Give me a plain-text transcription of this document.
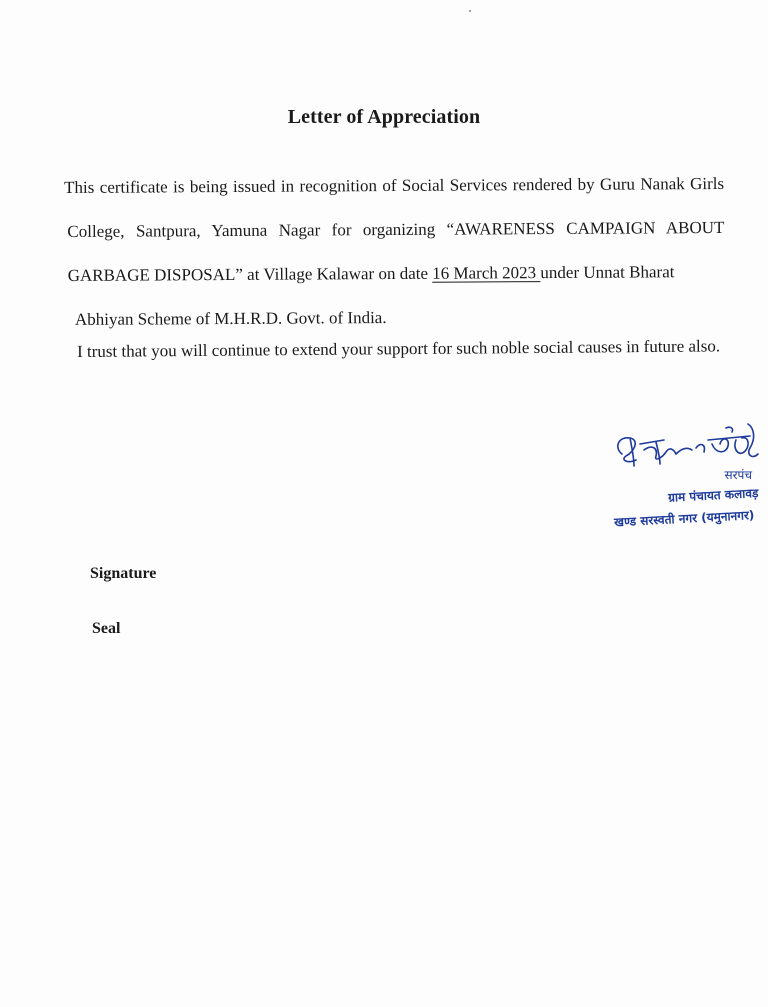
Letter of Appreciation
This certificate is being issued in recognition of Social Services rendered by Guru Nanak Girls
College, Santpura, Yamuna Nagar for organizing “AWARENESS CAMPAIGN ABOUT
GARBAGE DISPOSAL” at Village Kalawar on date 16 March 2023 under Unnat Bharat
Abhiyan Scheme of M.H.R.D. Govt. of India.
I trust that you will continue to extend your support for such noble social causes in future also.
सरपंच
ग्राम पंचायत कलावड़
खण्ड सरस्वती नगर (यमुनानगर)
Signature
Seal
